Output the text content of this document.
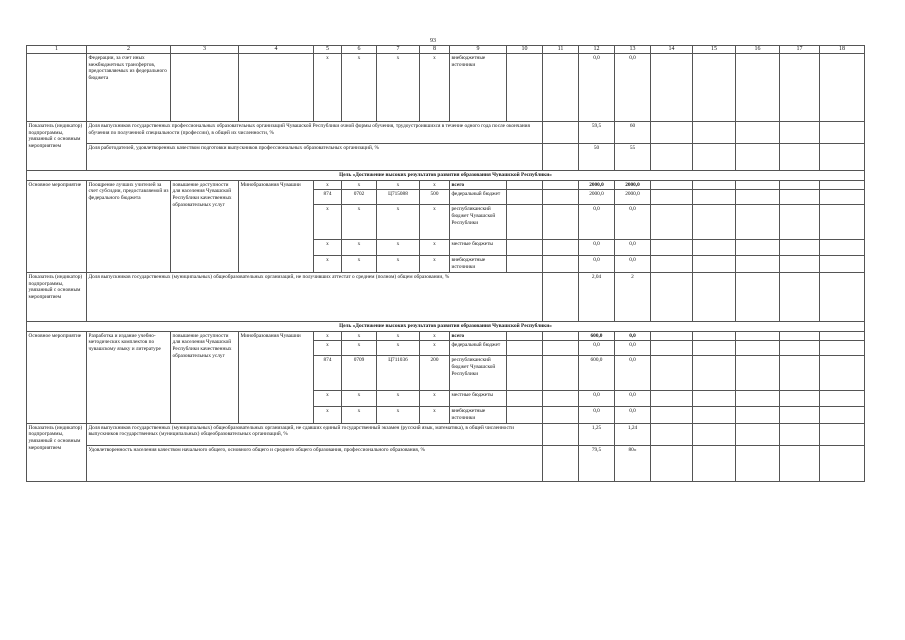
93
1	2	3	4	5	6	7	8	9	10	11	12	13	14	15	16	17	18
	Федерации, за счет иных межбюджетных трансфертов, предоставляемых из федерального бюджета			x	x	x	x	внебюджетные источники			0,0	0,0					
Показатель (индикатор) подпрограммы, увязанный с основным мероприятием	Доля выпускников государственных профессиональных образовательных организаций Чувашской Республики очной формы обучения, трудоустроившихся в течение одного года после окончания обучения по полученной специальности (профессии), в общей их численности, %										59,5	60					
	Доля работодателей, удовлетворенных качеством подготовки выпускников профессиональных образовательных организаций, %										50	55					
Цель «Достижение высоких результатов развития образования Чувашской Республики»																	
Основное мероприятие	Поощрение лучших учителей за счет субсидии, предоставляемой из федерального бюджета	повышение доступности для населения Чувашской Республики качественных образовательных услуг	Минобразования Чувашии	x	x	x	x	всего			2000,0	2000,0					
				874	0702	Ц715088	500	федеральный бюджет			2000,0	2000,0					
				x	x	x	x	республиканский бюджет Чувашской Республики			0,0	0,0					
				x	x	x	x	местные бюджеты			0,0	0,0					
				x	x	x	x	внебюджетные источники			0,0	0,0					
Показатель (индикатор) подпрограммы, увязанный с основным мероприятием	Доля выпускников государственных (муниципальных) общеобразовательных организаций, не получивших аттестат о среднем (полном) общем образовании, %										2,04	2					
Цель «Достижение высоких результатов развития образования Чувашской Республики»																	
Основное мероприятие	Разработка и издание учебно-методических комплектов по чувашскому языку и литературе	повышение доступности для населения Чувашской Республики качественных образовательных услуг	Минобразования Чувашии	x	x	x	x	всего			600,0	0,0					
				x	x	x	x	федеральный бюджет			0,0	0,0					
				874	0709	Ц711036	200	республиканский бюджет Чувашской Республики			600,0	0,0					
				x	x	x	x	местные бюджеты			0,0	0,0					
				x	x	x	x	внебюджетные источники			0,0	0,0					
Показатель (индикатор) подпрограммы, увязанный с основным мероприятием	Доля выпускников государственных (муниципальных) общеобразовательных организаций, не сдавших единый государственный экзамен (русский язык, математика), в общей численности выпускников государственных (муниципальных) общеобразовательных организаций, %										1,25	1,24					
	Удовлетворенность населения качеством начального общего, основного общего и среднего общего образования, профессионального образования, %										79,5	80»					
